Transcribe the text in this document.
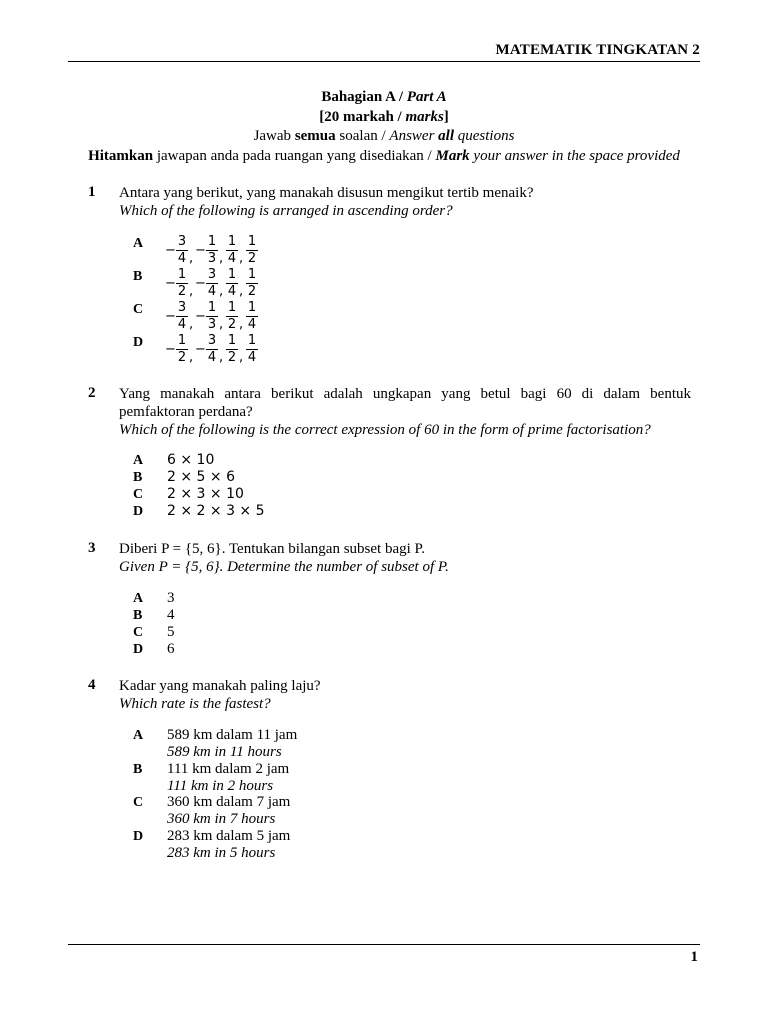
MATEMATIK TINGKATAN 2
Bahagian A / Part A
[20 markah / marks]
Jawab semua soalan / Answer all questions
Hitamkan jawapan anda pada ruangan yang disediakan / Mark your answer in the space provided
1 Antara yang berikut, yang manakah disusun mengikut tertib menaik?
Which of the following is arranged in ascending order?
A −
3
4 ,
−
1
3 ,
1
4 ,
1
2
B −
1
2 ,
−
3
4 ,
1
4 ,
1
2
C −
3
4 ,
−
1
3 ,
1
2 ,
1
4
D −
1
2 ,
−
3
4 ,
1
2 ,
1
4
2 Yang manakah antara berikut adalah ungkapan yang betul bagi 60 di dalam bentuk pemfaktoran perdana?
Which of the following is the correct expression of 60 in the form of prime factorisation?
A 6 × 10
B 2 × 5 × 6
C 2 × 3 × 10
D 2 × 2 × 3 × 5
3 Diberi P = {5, 6}. Tentukan bilangan subset bagi P.
Given P = {5, 6}. Determine the number of subset of P.
A 3
B 4
C 5
D 6
4 Kadar yang manakah paling laju?
Which rate is the fastest?
A 589 km dalam 11 jam
589 km in 11 hours
B 111 km dalam 2 jam
111 km in 2 hours
C 360 km dalam 7 jam
360 km in 7 hours
D 283 km dalam 5 jam
283 km in 5 hours
1
